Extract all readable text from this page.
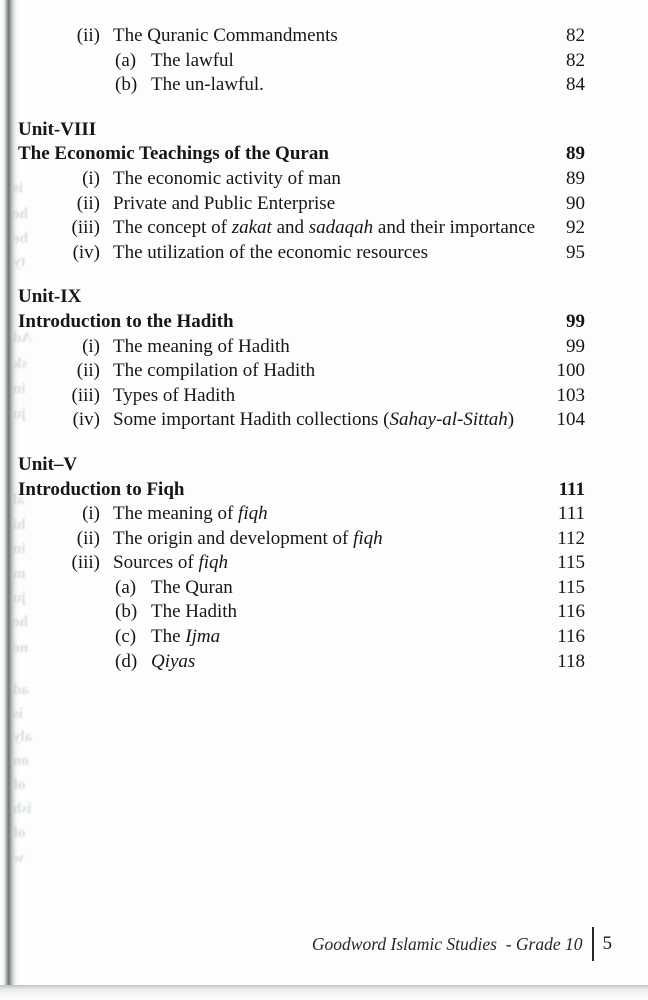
is
he
be
ty
Ad
sk
in
ju
al
hi
in
m
ju
he
ne
ad
is
aly
on
of
ish
of
w
(ii) The Quranic Commandments	82
(a) The lawful	82
(b) The un-lawful.	84
Unit-VIII
The Economic Teachings of the Quran	89
(i) The economic activity of man	89
(ii) Private and Public Enterprise	90
(iii) The concept of zakat and sadaqah and their importance	92
(iv) The utilization of the economic resources	95
Unit-IX
Introduction to the Hadith	99
(i) The meaning of Hadith	99
(ii) The compilation of Hadith	100
(iii) Types of Hadith	103
(iv) Some important Hadith collections (Sahay-al-Sittah)	104
Unit–V
Introduction to Fiqh	111
(i) The meaning of fiqh	111
(ii) The origin and development of fiqh	112
(iii) Sources of fiqh	115
(a) The Quran	115
(b) The Hadith	116
(c) The Ijma	116
(d) Qiyas	118
Goodword Islamic Studies  - Grade 10 5
